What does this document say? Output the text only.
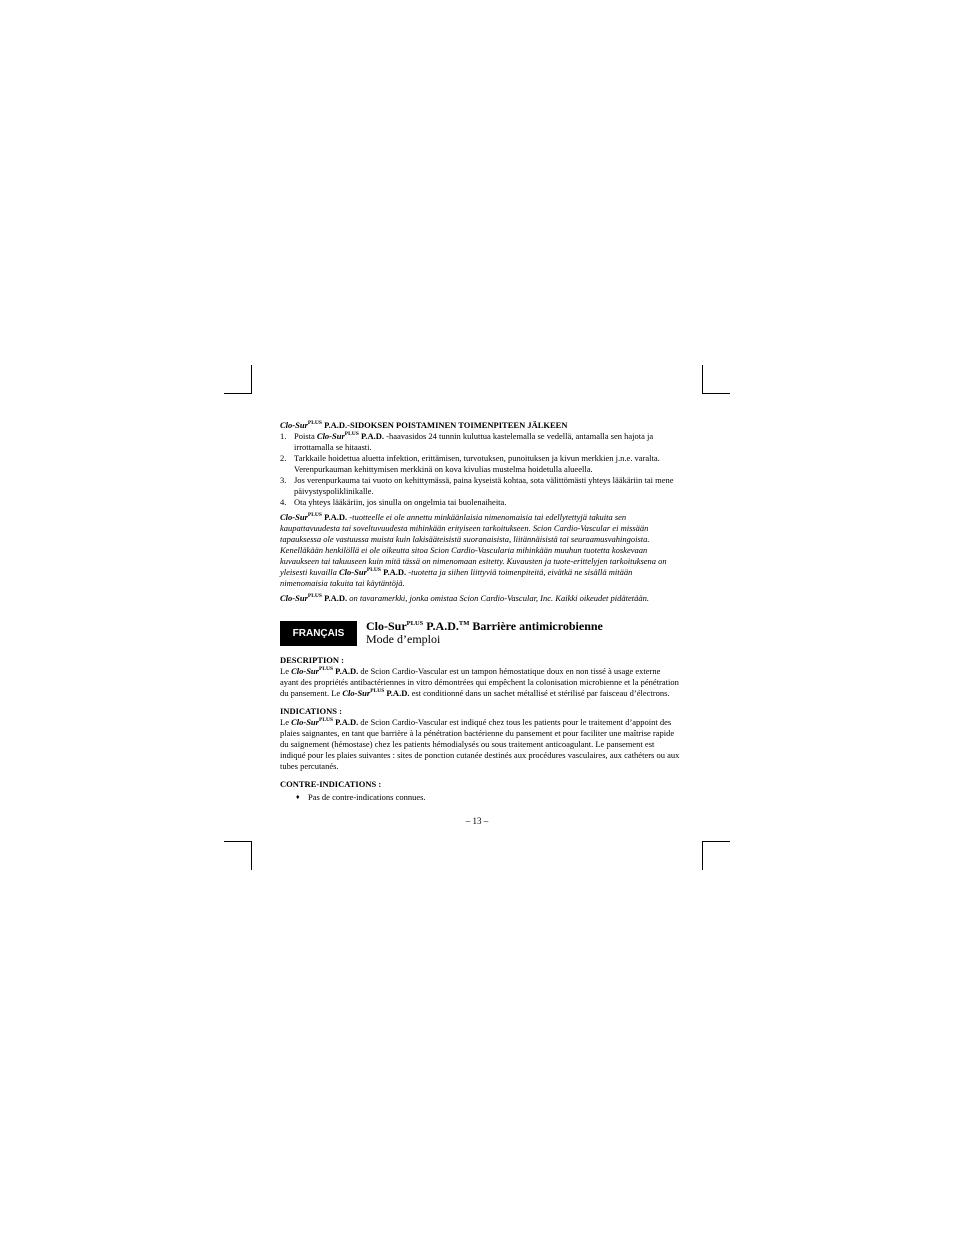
Clo-Sur$^{PLUS}$ P.A.D.-SIDOKSEN POISTAMINEN TOIMENPITEEN JÄLKEEN

1. Poista Clo-Sur$^{PLUS}$ P.A.D. -haavasidos 24 tunnin kuluttua kastelemalla se vedellä, antamalla sen hajota ja irrottamalla se hitaasti.
2. Tarkkaile hoidettua aluetta infektion, erittämisen, turvotuksen, punoituksen ja kivun merkkien j.n.e. varalta. Verenpurkauman kehittymisen merkkinä on kova kivulias mustelma hoidetulla alueella.
3. Jos verenpurkauma tai vuoto on kehittymässä, paina kyseistä kohtaa, sota välittömästi yhteys lääkäriin tai mene päivystyspoliklinikalle.
4. Ota yhteys lääkäriin, jos sinulla on ongelmia tai buolenaiheita.

Clo-Sur$^{PLUS}$ P.A.D. -tuotteelle ei ole annettu minkäänlaisia nimenomaisia tai edellytettyjä takuita sen kaupattavuudesta tai soveltuvuudesta mihinkään erityiseen tarkoitukseen. Scion Cardio-Vascular ei missään tapauksessa ole vastuussa muista kuin lakisääteisistä suoranaisista, liitännäisistä tai seuraamusvahingoista. Kenelläkään henkilöllä ei ole oikeutta sitoa Scion Cardio-Vascularia mihinkään muuhun tuotetta koskevaan kuvaukseen tai takuuseen kuin mitä tässä on nimenomaan esitetty. Kuvausten ja tuote-erittelyjen tarkoituksena on yleisesti kuvailla Clo-Sur$^{PLUS}$ P.A.D. -tuotetta ja siihen liittyviä toimenpiteitä, eivätkä ne sisällä mitään nimenomaisia takuita tai käytäntöjä.

Clo-Sur$^{PLUS}$ P.A.D. on tavaramerkki, jonka omistaa Scion Cardio-Vascular, Inc. Kaikki oikeudet pidätetään.

FRANÇAIS
Clo-Sur$^{PLUS}$ P.A.D.™ Barrière antimicrobienne
Mode d’emploi

DESCRIPTION :

Le Clo-Sur$^{PLUS}$ P.A.D. de Scion Cardio-Vascular est un tampon hémostatique doux en non tissé à usage externe ayant des propriétés antibactériennes in vitro démontrées qui empêchent la colonisation microbienne et la pénétration du pansement. Le Clo-Sur$^{PLUS}$ P.A.D. est conditionné dans un sachet métallisé et stérilisé par faisceau d’électrons.

INDICATIONS :

Le Clo-Sur$^{PLUS}$ P.A.D. de Scion Cardio-Vascular est indiqué chez tous les patients pour le traitement d’appoint des plaies saignantes, en tant que barrière à la pénétration bactérienne du pansement et pour faciliter une maîtrise rapide du saignement (hémostase) chez les patients hémodialysés ou sous traitement anticoagulant. Le pansement est indiqué pour les plaies suivantes : sites de ponction cutanée destinés aux procédures vasculaires, aux cathéters ou aux tubes percutanés.

CONTRE-INDICATIONS :

♦ Pas de contre-indications connues.
– 13 –
